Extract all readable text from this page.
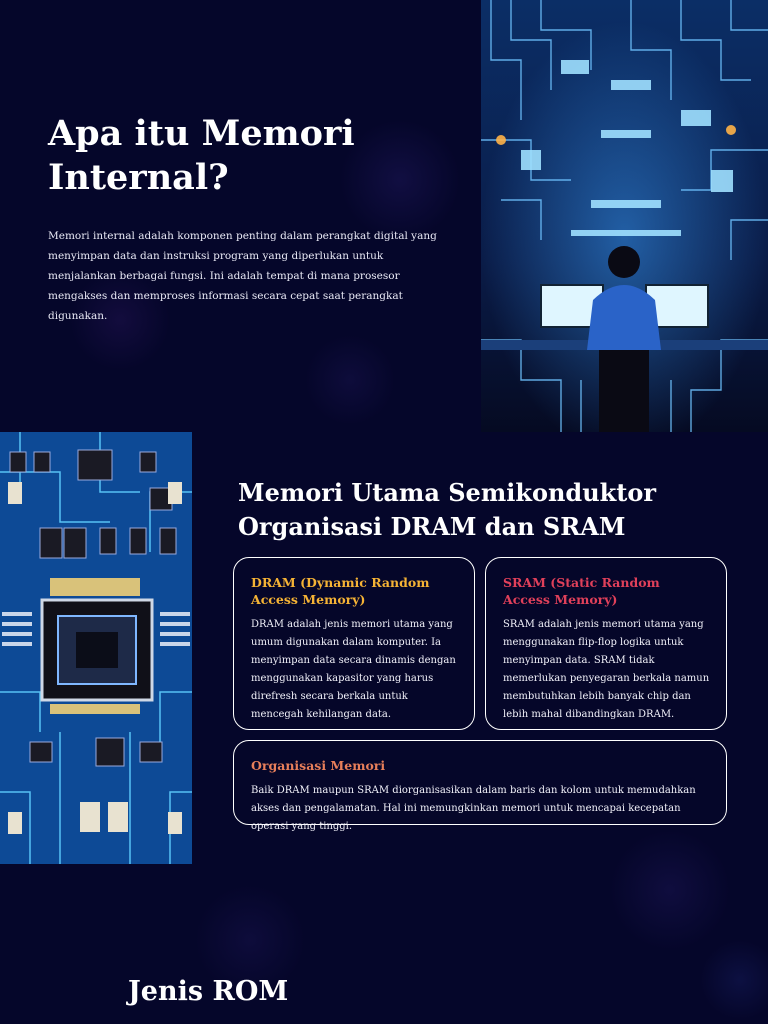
Apa itu Memori Internal?

Memori internal adalah komponen penting dalam perangkat digital yang menyimpan data dan instruksi program yang diperlukan untuk menjalankan berbagai fungsi. Ini adalah tempat di mana prosesor mengakses dan memproses informasi secara cepat saat perangkat digunakan.

Memori Utama Semikonduktor Organisasi DRAM dan SRAM
DRAM (Dynamic Random Access Memory)

DRAM adalah jenis memori utama yang umum digunakan dalam komputer. Ia menyimpan data secara dinamis dengan menggunakan kapasitor yang harus direfresh secara berkala untuk mencegah kehilangan data.

SRAM (Static Random Access Memory)

SRAM adalah jenis memori utama yang menggunakan flip-flop logika untuk menyimpan data. SRAM tidak memerlukan penyegaran berkala namun membutuhkan lebih banyak chip dan lebih mahal dibandingkan DRAM.

Organisasi Memori

Baik DRAM maupun SRAM diorganisasikan dalam baris dan kolom untuk memudahkan akses dan pengalamatan. Hal ini memungkinkan memori untuk mencapai kecepatan operasi yang tinggi.

Jenis ROM
